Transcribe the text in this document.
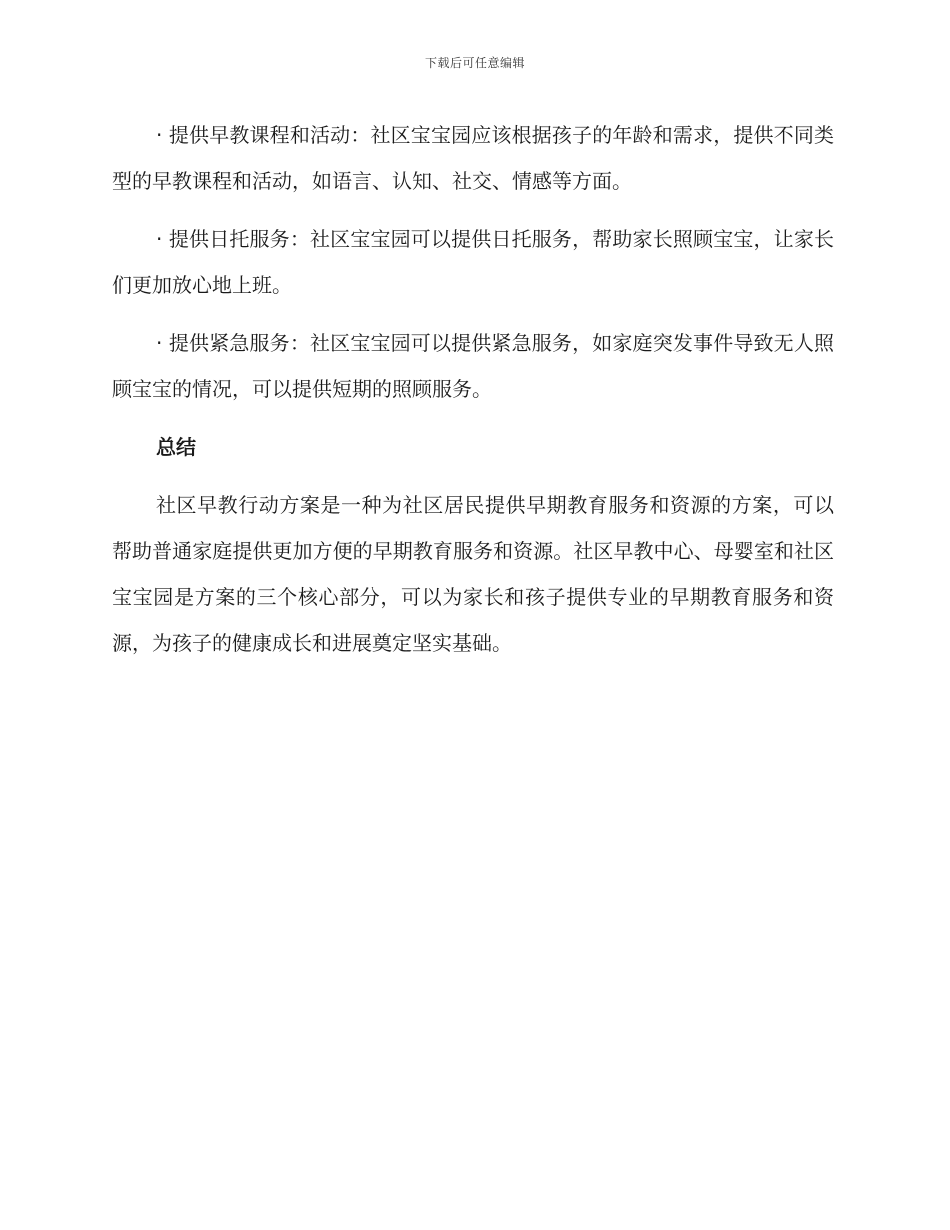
下载后可任意编辑

· 提供早教课程和活动：社区宝宝园应该根据孩子的年龄和需求，提供不同类型的早教课程和活动，如语言、认知、社交、情感等方面。

· 提供日托服务：社区宝宝园可以提供日托服务，帮助家长照顾宝宝，让家长们更加放心地上班。

· 提供紧急服务：社区宝宝园可以提供紧急服务，如家庭突发事件导致无人照顾宝宝的情况，可以提供短期的照顾服务。

总结

社区早教行动方案是一种为社区居民提供早期教育服务和资源的方案，可以帮助普通家庭提供更加方便的早期教育服务和资源。社区早教中心、母婴室和社区宝宝园是方案的三个核心部分，可以为家长和孩子提供专业的早期教育服务和资源，为孩子的健康成长和进展奠定坚实基础。
